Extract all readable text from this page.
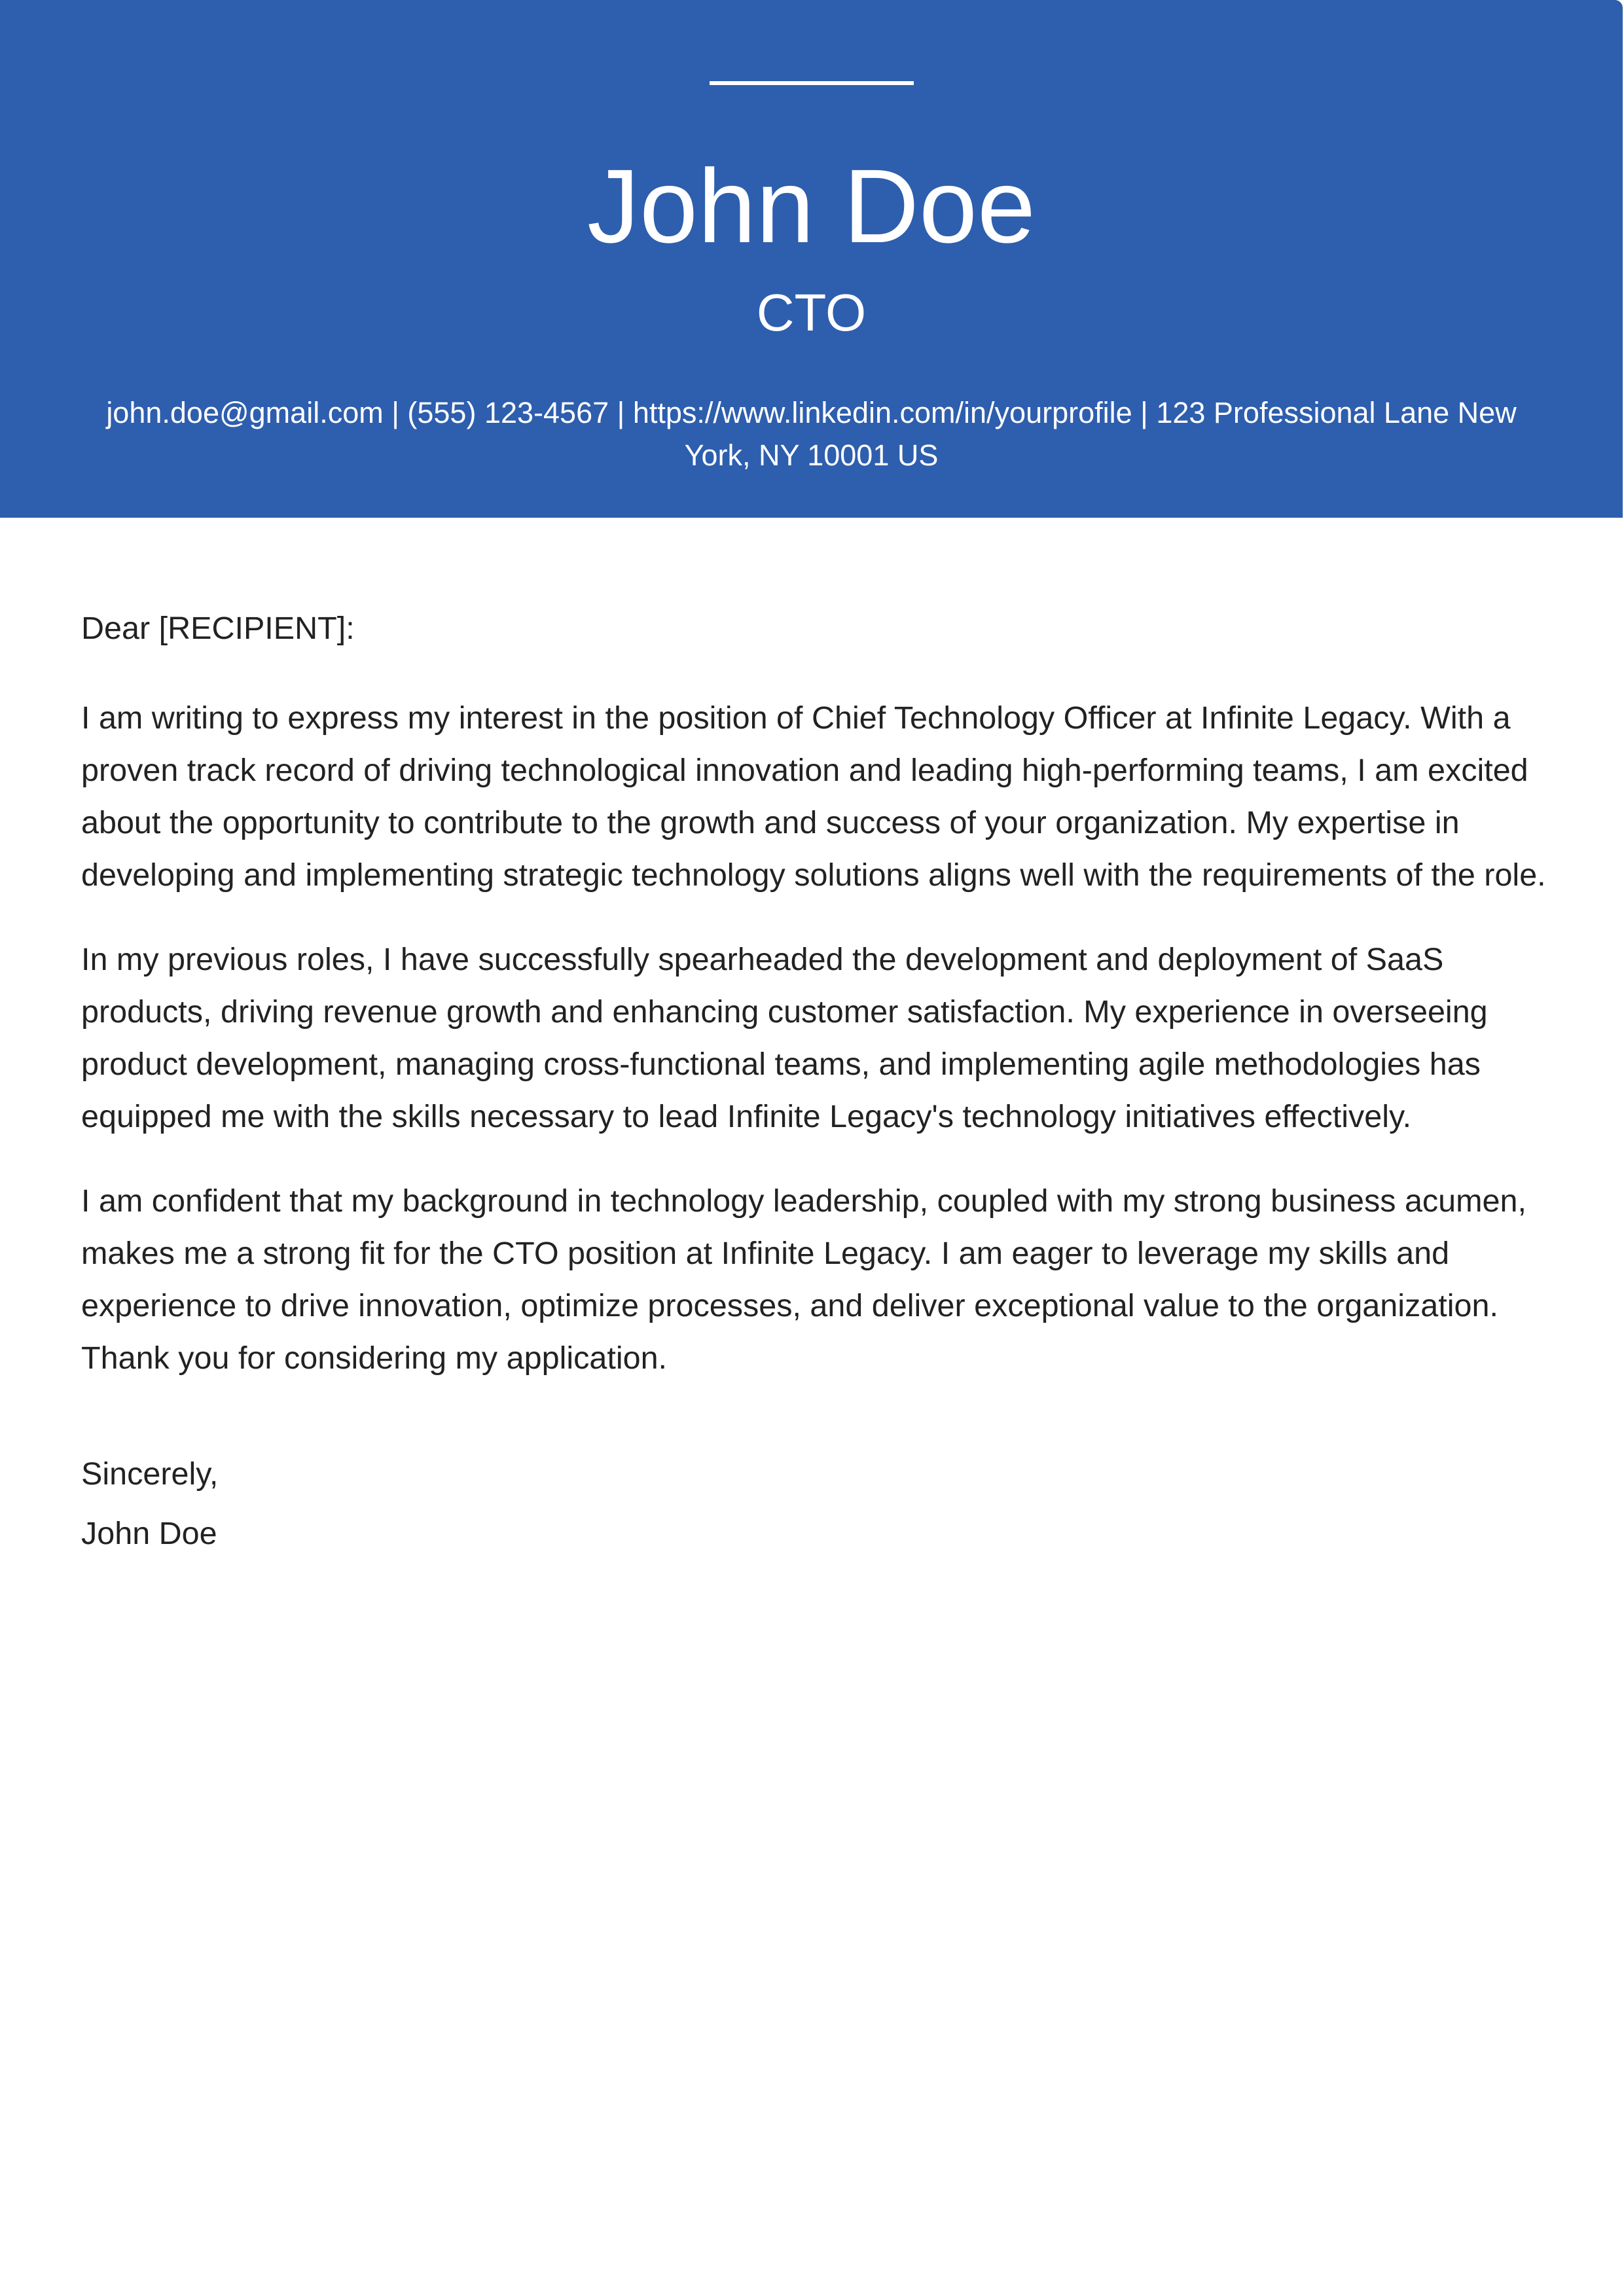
John Doe
CTO

john.doe@gmail.com | (555) 123-4567 | https://www.linkedin.com/in/yourprofile | 123 Professional Lane New York, NY 10001 US

Dear [RECIPIENT]:

I am writing to express my interest in the position of Chief Technology Officer at Infinite Legacy. With a proven track record of driving technological innovation and leading high-performing teams, I am excited about the opportunity to contribute to the growth and success of your organization. My expertise in developing and implementing strategic technology solutions aligns well with the requirements of the role.

In my previous roles, I have successfully spearheaded the development and deployment of SaaS products, driving revenue growth and enhancing customer satisfaction. My experience in overseeing product development, managing cross-functional teams, and implementing agile methodologies has equipped me with the skills necessary to lead Infinite Legacy's technology initiatives effectively.

I am confident that my background in technology leadership, coupled with my strong business acumen, makes me a strong fit for the CTO position at Infinite Legacy. I am eager to leverage my skills and experience to drive innovation, optimize processes, and deliver exceptional value to the organization. Thank you for considering my application.

Sincerely,

John Doe
